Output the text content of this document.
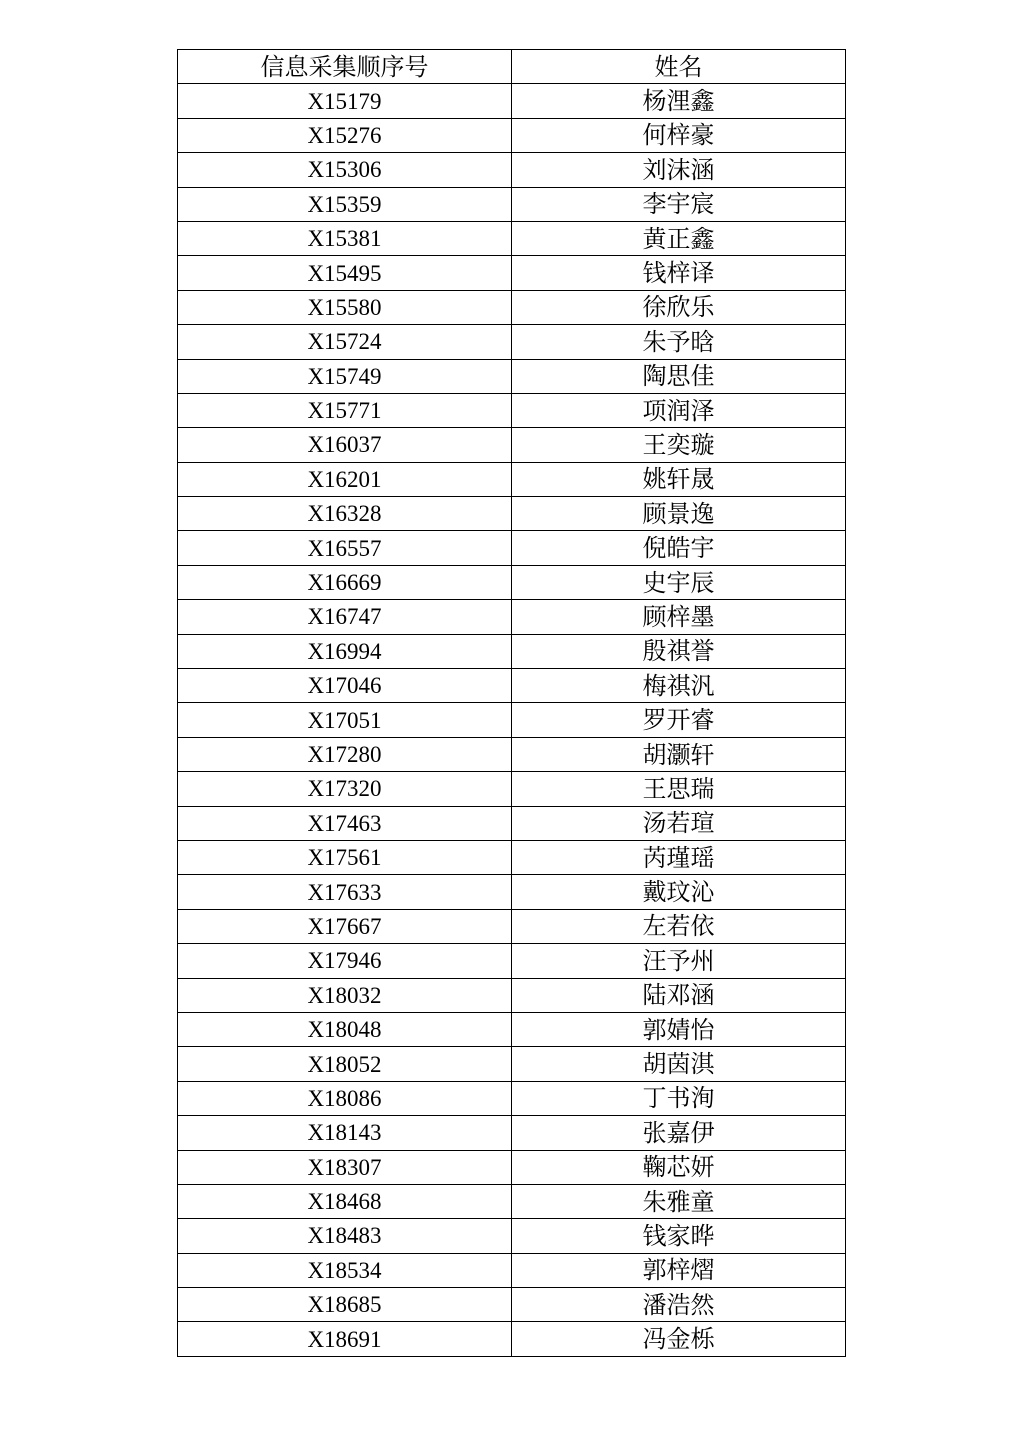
信息采集顺序号	姓名
X15179	杨浬鑫
X15276	何梓豪
X15306	刘沫涵
X15359	李宇宸
X15381	黄正鑫
X15495	钱梓译
X15580	徐欣乐
X15724	朱予晗
X15749	陶思佳
X15771	项润泽
X16037	王奕璇
X16201	姚轩晟
X16328	顾景逸
X16557	倪皓宇
X16669	史宇辰
X16747	顾梓墨
X16994	殷祺誉
X17046	梅祺汎
X17051	罗开睿
X17280	胡灏轩
X17320	王思瑞
X17463	汤若瑄
X17561	芮瑾瑶
X17633	戴玟沁
X17667	左若依
X17946	汪予州
X18032	陆邓涵
X18048	郭婧怡
X18052	胡茵淇
X18086	丁书洵
X18143	张嘉伊
X18307	鞠芯妍
X18468	朱雅童
X18483	钱家晔
X18534	郭梓熠
X18685	潘浩然
X18691	冯金栎
